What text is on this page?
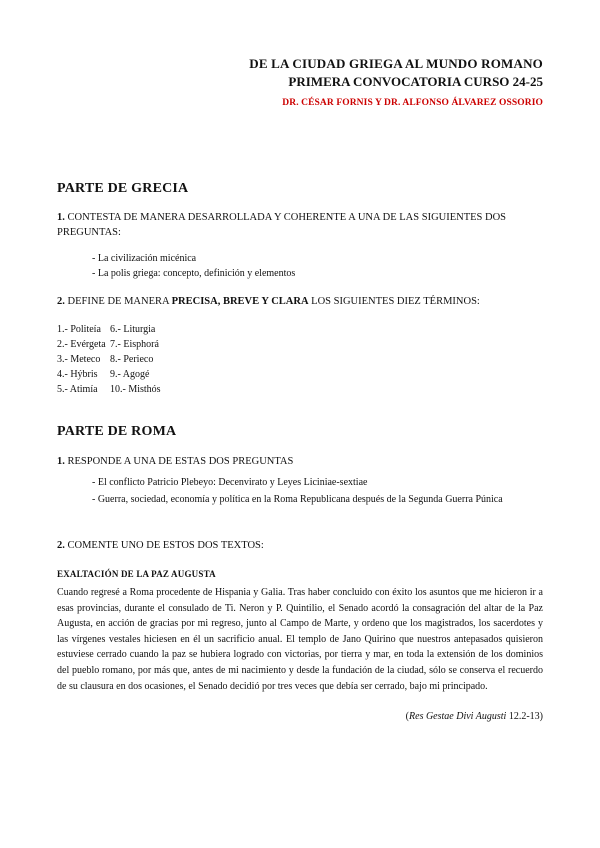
DE LA CIUDAD GRIEGA AL MUNDO ROMANO
PRIMERA CONVOCATORIA CURSO 24-25
DR. CÉSAR FORNIS Y DR. ALFONSO ÁLVAREZ OSSORIO
PARTE DE GRECIA
1. CONTESTA DE MANERA DESARROLLADA Y COHERENTE A UNA DE LAS SIGUIENTES DOS PREGUNTAS:
- La civilización micénica
- La polis griega: concepto, definición y elementos
2. DEFINE DE MANERA PRECISA, BREVE Y CLARA LOS SIGUIENTES DIEZ TÉRMINOS:
1.- Politeía 6.- Liturgia
2.- Evérgeta 7.- Eisphorá
3.- Meteco 8.- Perieco
4.- Hýbris	9.- Agogé
5.- Atimía	10.- Misthós
PARTE DE ROMA
1. RESPONDE A UNA DE ESTAS DOS PREGUNTAS
- El conflicto Patricio Plebeyo: Decenvirato y Leyes Liciniae-sextiae
- Guerra, sociedad, economía y política en la Roma Republicana después de la Segunda Guerra Púnica
2. COMENTE UNO DE ESTOS DOS TEXTOS:
EXALTACIÓN DE LA PAZ AUGUSTA
Cuando regresé a Roma procedente de Hispania y Galia. Tras haber concluido con éxito los asuntos que me hicieron ir a esas provincias, durante el consulado de Ti. Neron y P. Quintilio, el Senado acordó la consagración del altar de la Paz Augusta, en acción de gracias por mi regreso, junto al Campo de Marte, y ordeno que los magistrados, los sacerdotes y las vírgenes vestales hiciesen en él un sacrificio anual. El templo de Jano Quirino que nuestros antepasados quisieron estuviese cerrado cuando la paz se hubiera logrado con victorias, por tierra y mar, en toda la extensión de los dominios del pueblo romano, por más que, antes de mi nacimiento y desde la fundación de la ciudad, sólo se conserva el recuerdo de su clausura en dos ocasiones, el Senado decidió por tres veces que debía ser cerrado, bajo mi principado.
(Res Gestae Divi Augusti 12.2-13)
